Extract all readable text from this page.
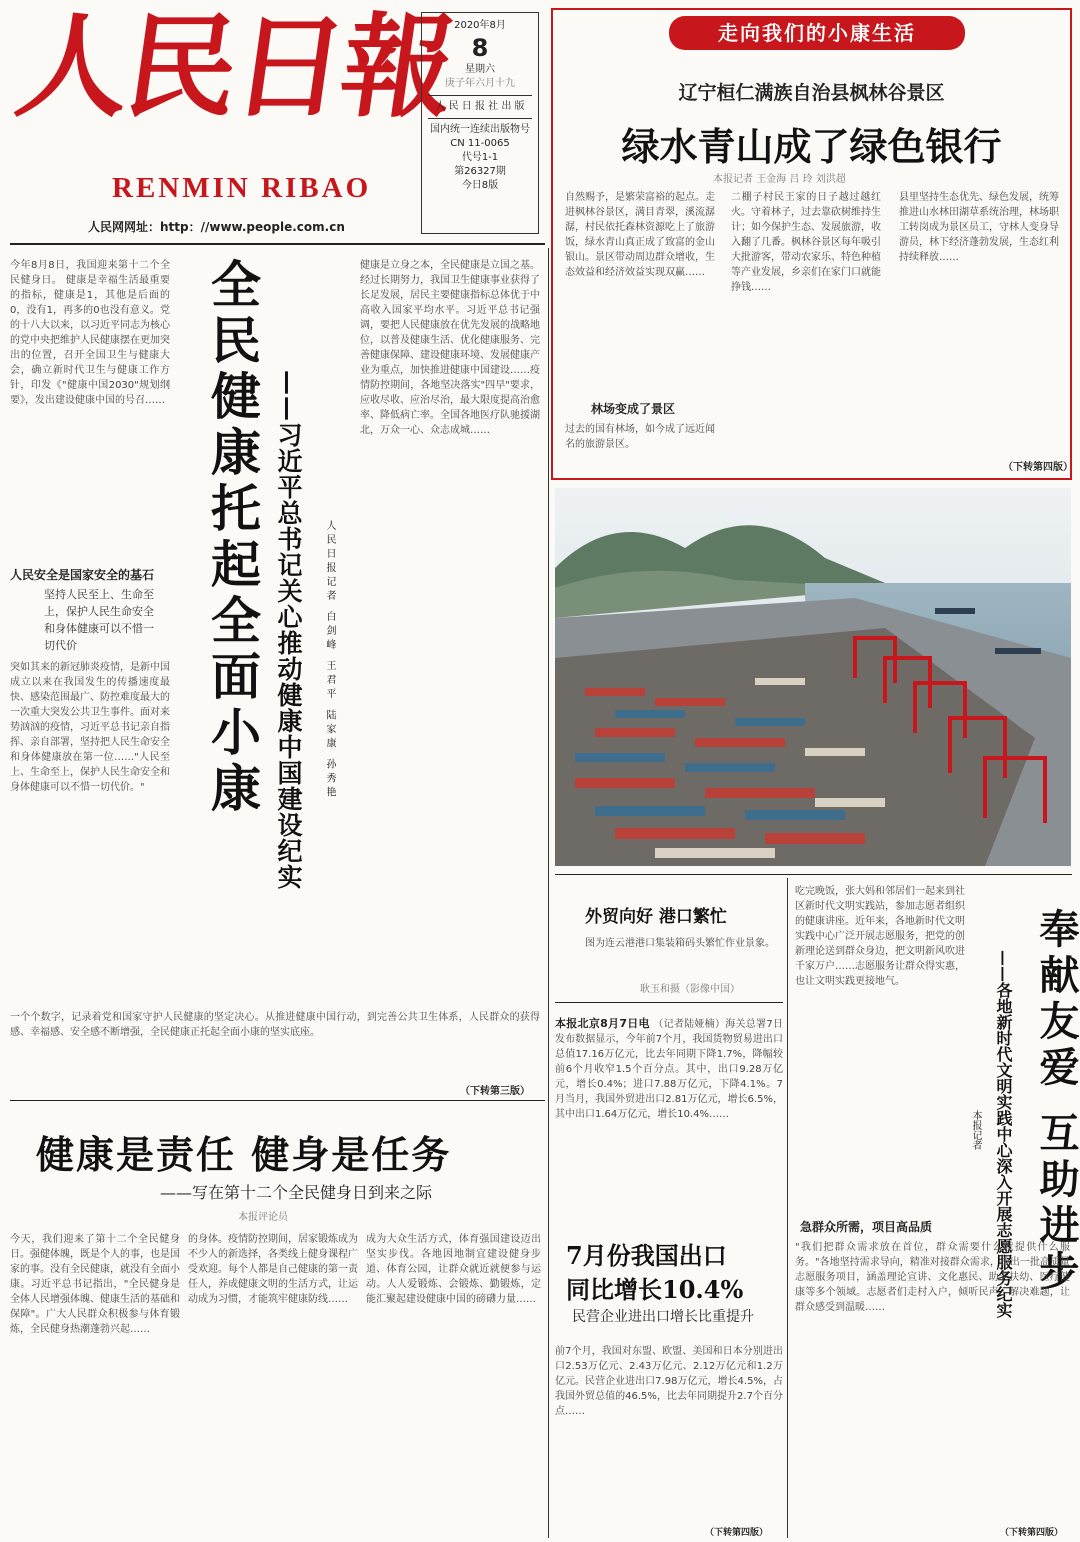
人民日報
RENMIN RIBAO
人民网网址：http：//www.people.com.cn
2020年8月
8
星期六
庚子年六月十九
人 民 日 报 社 出 版
国内统一连续出版物号
CN 11-0065
代号1-1
第26327期
今日8版
走向我们的小康生活
辽宁桓仁满族自治县枫林谷景区
绿水青山成了绿色银行
本报记者 王金海 吕 玲 刘洪超
自然赐予，是繁荣富裕的起点。走进枫林谷景区，满目青翠，溪流潺潺，村民依托森林资源吃上了旅游饭，绿水青山真正成了致富的金山银山。景区带动周边群众增收，生态效益和经济效益实现双赢……
二棚子村民王家的日子越过越红火。守着林子，过去靠砍树维持生计；如今保护生态、发展旅游，收入翻了几番。枫林谷景区每年吸引大批游客，带动农家乐、特色种植等产业发展，乡亲们在家门口就能挣钱……
县里坚持生态优先、绿色发展，统筹推进山水林田湖草系统治理，林场职工转岗成为景区员工，守林人变身导游员，林下经济蓬勃发展，生态红利持续释放……
林场变成了景区
过去的国有林场，如今成了远近闻名的旅游景区。
（下转第四版）
今年8月8日，我国迎来第十二个全民健身日。 健康是幸福生活最重要的指标，健康是1，其他是后面的0，没有1，再多的0也没有意义。党的十八大以来，以习近平同志为核心的党中央把维护人民健康摆在更加突出的位置，召开全国卫生与健康大会，确立新时代卫生与健康工作方针，印发《"健康中国2030"规划纲要》，发出建设健康中国的号召…… 全民健康托起全面小康 ——习近平总书记关心推动健康中国建设纪实	人民日报记者 白剑峰 王君平 陆家康 孙秀艳
人民安全是国家安全的基石
坚持人民至上、生命至上，保护人民生命安全和身体健康可以不惜一切代价
突如其来的新冠肺炎疫情，是新中国成立以来在我国发生的传播速度最快、感染范围最广、防控难度最大的一次重大突发公共卫生事件。面对来势汹汹的疫情，习近平总书记亲自指挥、亲自部署，坚持把人民生命安全和身体健康放在第一位……"人民至上、生命至上，保护人民生命安全和身体健康可以不惜一切代价。"
健康是立身之本，全民健康是立国之基。经过长期努力，我国卫生健康事业获得了长足发展，居民主要健康指标总体优于中高收入国家平均水平。习近平总书记强调，要把人民健康放在优先发展的战略地位，以普及健康生活、优化健康服务、完善健康保障、建设健康环境、发展健康产业为重点，加快推进健康中国建设……疫情防控期间，各地坚决落实"四早"要求，应收尽收、应治尽治，最大限度提高治愈率、降低病亡率。全国各地医疗队驰援湖北，万众一心、众志成城……
一个个数字，记录着党和国家守护人民健康的坚定决心。从推进健康中国行动，到完善公共卫生体系，人民群众的获得感、幸福感、安全感不断增强，全民健康正托起全面小康的坚实底座。
（下转第三版）
健康是责任 健身是任务
——写在第十二个全民健身日到来之际
本报评论员
今天，我们迎来了第十二个全民健身日。强健体魄，既是个人的事，也是国家的事。没有全民健康，就没有全面小康。习近平总书记指出，"全民健身是全体人民增强体魄、健康生活的基础和保障"。广大人民群众积极参与体育锻炼，全民健身热潮蓬勃兴起……
的身体。疫情防控期间，居家锻炼成为不少人的新选择，各类线上健身课程广受欢迎。每个人都是自己健康的第一责任人，养成健康文明的生活方式，让运动成为习惯，才能筑牢健康防线……
成为大众生活方式，体育强国建设迈出坚实步伐。各地因地制宜建设健身步道、体育公园，让群众就近就便参与运动。人人爱锻炼、会锻炼、勤锻炼，定能汇聚起建设健康中国的磅礴力量……
外贸向好 港口繁忙
图为连云港港口集装箱码头繁忙作业景象。
耿玉和摄（影像中国）
本报北京8月7日电 （记者陆娅楠）海关总署7日发布数据显示，今年前7个月，我国货物贸易进出口总值17.16万亿元，比去年同期下降1.7%，降幅较前6个月收窄1.5个百分点。其中，出口9.28万亿元，增长0.4%；进口7.88万亿元，下降4.1%。7月当月，我国外贸进出口2.81万亿元，增长6.5%，其中出口1.64万亿元，增长10.4%……
7月份我国出口
同比增长10.4%
民营企业进出口增长比重提升
前7个月，我国对东盟、欧盟、美国和日本分别进出口2.53万亿元、2.43万亿元、2.12万亿元和1.2万亿元。民营企业进出口7.98万亿元，增长4.5%，占我国外贸总值的46.5%，比去年同期提升2.7个百分点……
（下转第四版）
吃完晚饭，张大妈和邻居们一起来到社区新时代文明实践站，参加志愿者组织的健康讲座。近年来，各地新时代文明实践中心广泛开展志愿服务，把党的创新理论送到群众身边，把文明新风吹进千家万户……志愿服务让群众得实惠，也让文明实践更接地气。	奉献友爱 互助进步
——各地新时代文明实践中心深入开展志愿服务纪实
本报记者
急群众所需，项目高品质
"我们把群众需求放在首位，群众需要什么就提供什么服务。"各地坚持需求导向，精准对接群众需求，推出一批高质量志愿服务项目，涵盖理论宣讲、文化惠民、助老扶幼、医疗健康等多个领域。志愿者们走村入户，倾听民声、解决难题，让群众感受到温暖……
（下转第四版）
